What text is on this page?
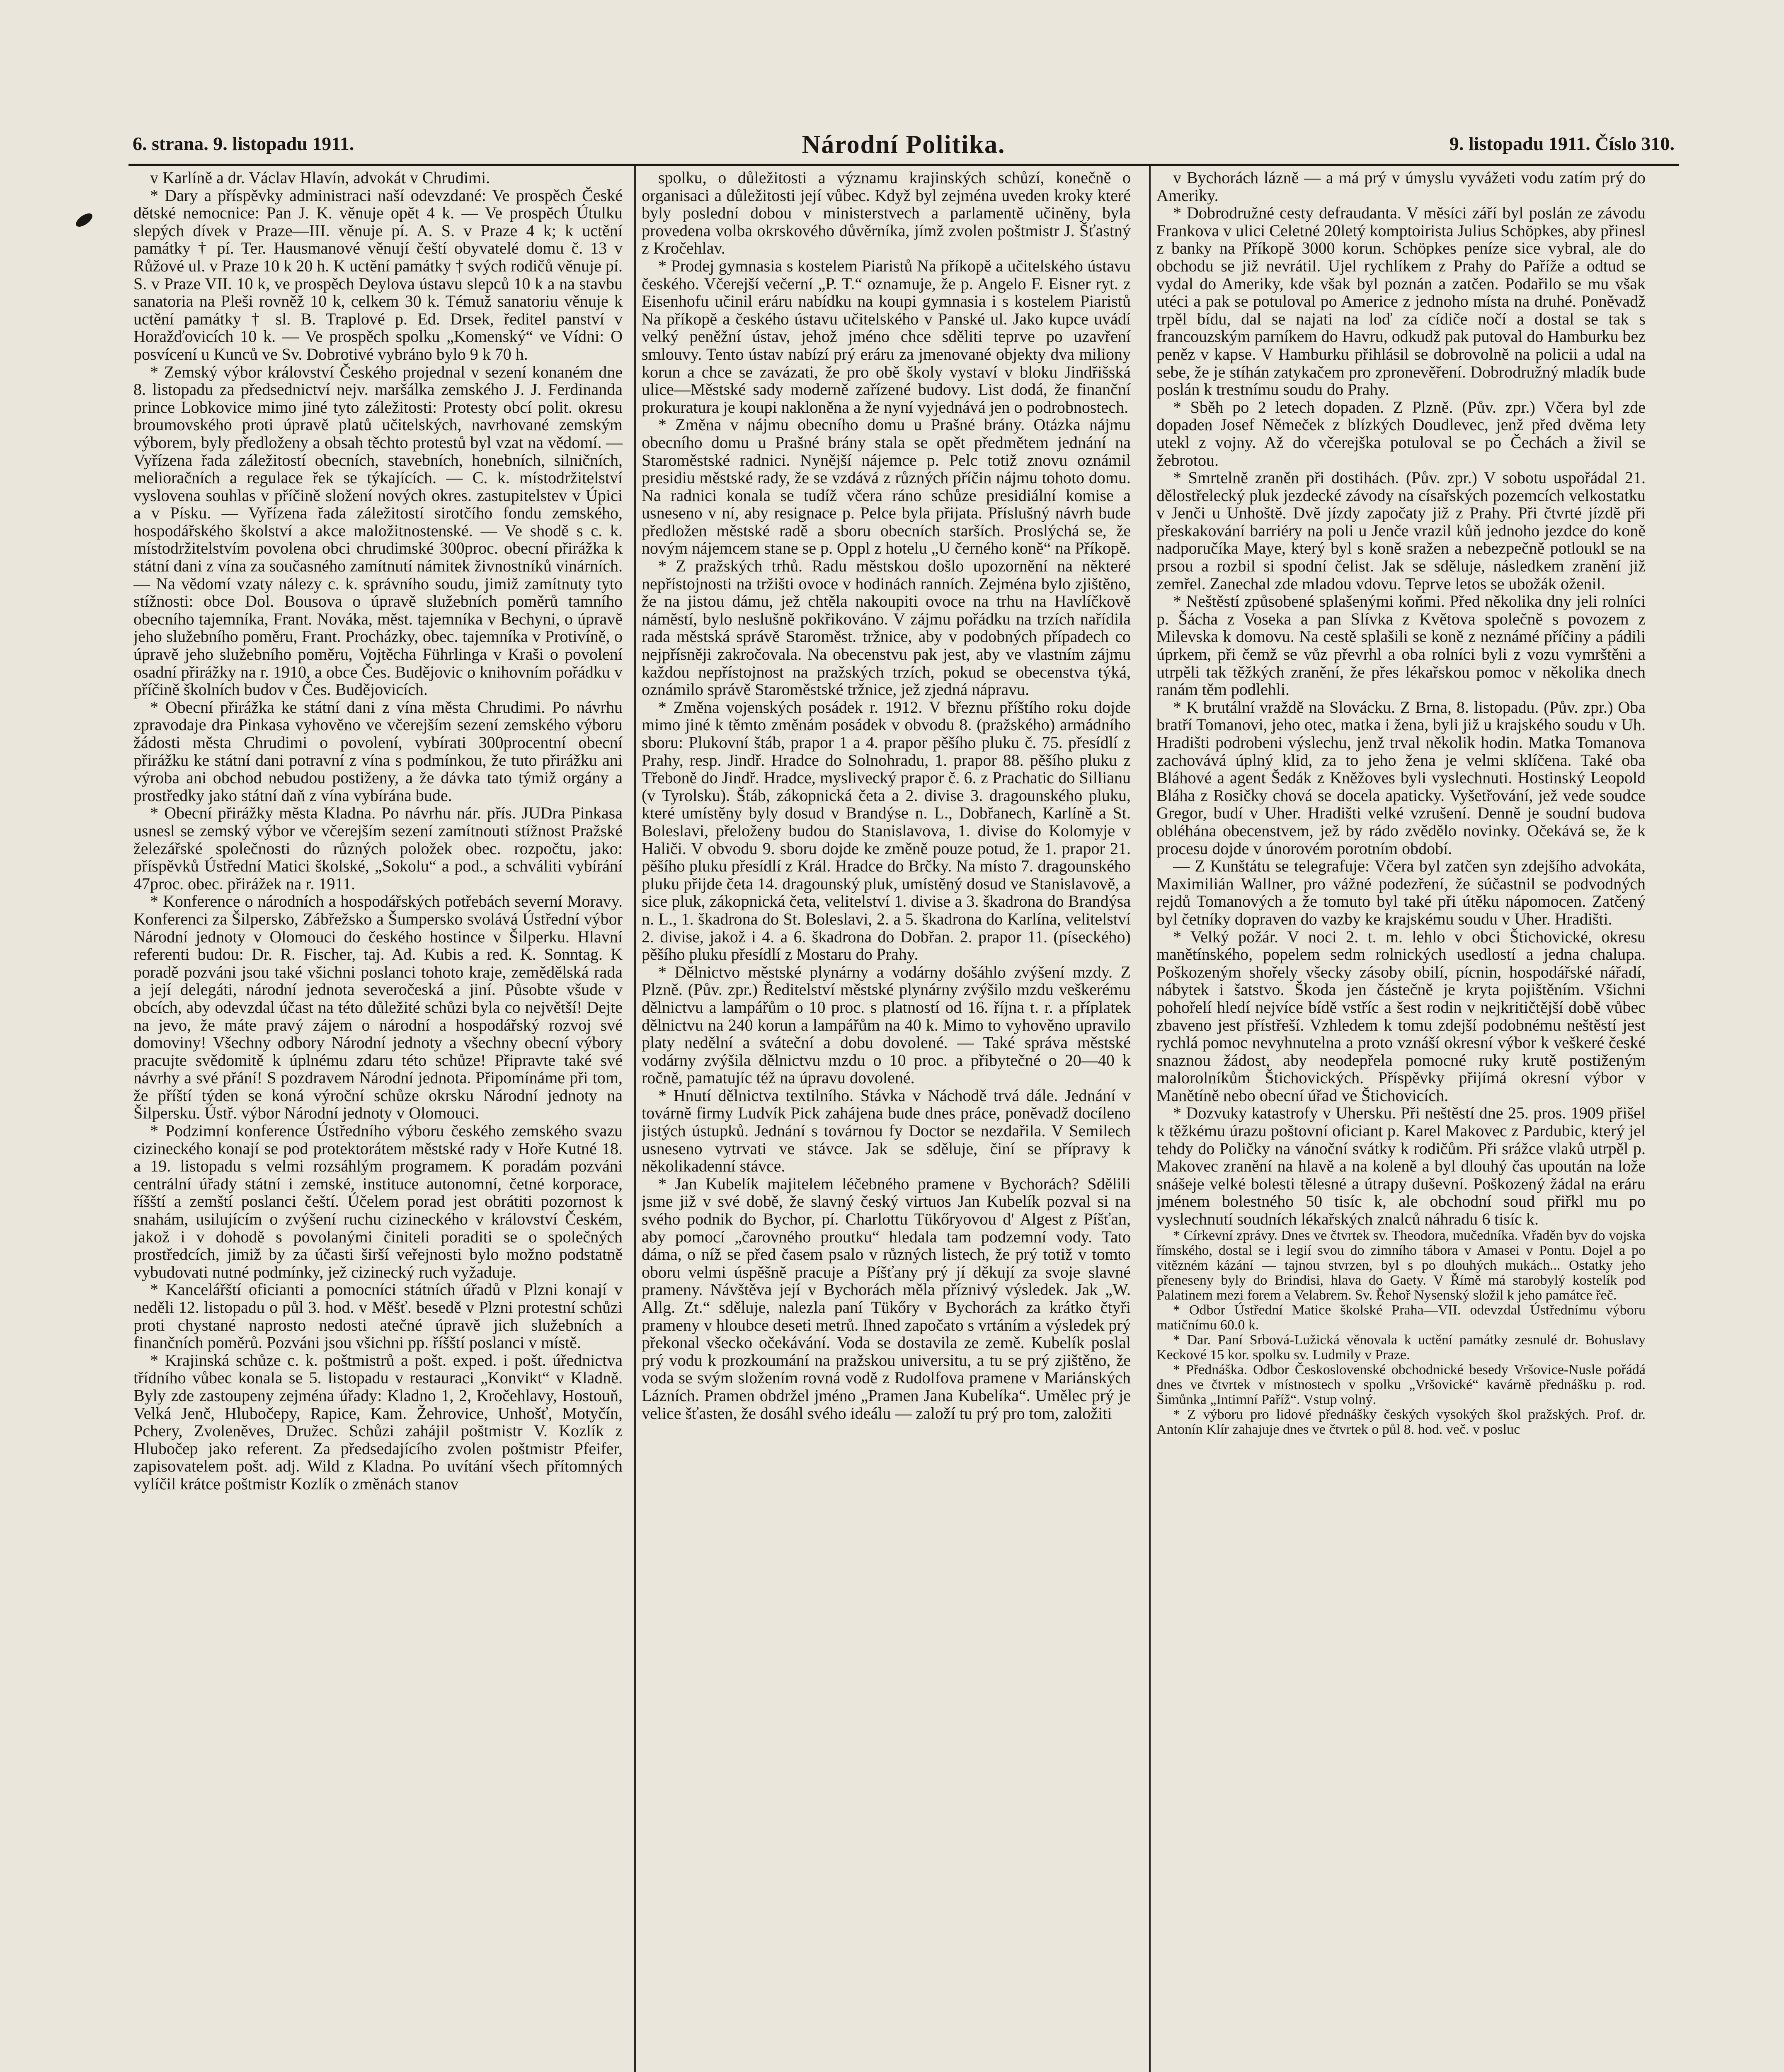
6. strana. 9. listopadu 1911.	Národní Politika.	9. listopadu 1911. Číslo 310.

v Karlíně a dr. Václav Hlavín, advokát v Chrudimi.

* Dary a příspěvky administraci naší odevzdané: Ve prospěch České dětské nemocnice: Pan J. K. věnuje opět 4 k. — Ve prospěch Útulku slepých dívek v Praze—III. věnuje pí. A. S. v Praze 4 k; k uctění památky † pí. Ter. Hausmanové věnují čeští obyvatelé domu č. 13 v Růžové ul. v Praze 10 k 20 h. K uctění památky † svých rodičů věnuje pí. S. v Praze VII. 10 k, ve prospěch Deylova ústavu slepců 10 k a na stavbu sanatoria na Pleši rovněž 10 k, celkem 30 k. Témuž sanatoriu věnuje k uctění památky † sl. B. Traplové p. Ed. Drsek, ředitel panství v Horažďovicích 10 k. — Ve prospěch spolku „Komenský“ ve Vídni: O posvícení u Kunců ve Sv. Dobrotivé vybráno bylo 9 k 70 h.

* Zemský výbor království Českého projednal v sezení konaném dne 8. listopadu za předsednictví nejv. maršálka zemského J. J. Ferdinanda prince Lobkovice mimo jiné tyto záležitosti: Protesty obcí polit. okresu broumovského proti úpravě platů učitelských, navrhované zemským výborem, byly předloženy a obsah těchto protestů byl vzat na vědomí. — Vyřízena řada záležitostí obecních, stavebních, honebních, silničních, melioračních a regulace řek se týkajících. — C. k. místodržitelství vyslovena souhlas v příčině složení nových okres. zastupitelstev v Úpici a v Písku. — Vyřízena řada záležitostí sirotčího fondu zemského, hospodářského školství a akce maložitnostenské. — Ve shodě s c. k. místodržitelstvím povolena obci chrudimské 300proc. obecní přirážka k státní dani z vína za současného zamítnutí námitek živnostníků vinárních. — Na vědomí vzaty nálezy c. k. správního soudu, jimiž zamítnuty tyto stížnosti: obce Dol. Bousova o úpravě služebních poměrů tamního obecního tajemníka, Frant. Nováka, měst. tajemníka v Bechyni, o úpravě jeho služebního poměru, Frant. Procházky, obec. tajemníka v Protivíně, o úpravě jeho služebního poměru, Vojtěcha Führlinga v Kraši o povolení osadní přirážky na r. 1910, a obce Čes. Budějovic o knihovním pořádku v příčině školních budov v Čes. Budějovicích.

* Obecní přirážka ke státní dani z vína města Chrudimi. Po návrhu zpravodaje dra Pinkasa vyhověno ve včerejším sezení zemského výboru žádosti města Chrudimi o povolení, vybírati 300procentní obecní přirážku ke státní dani potravní z vína s podmínkou, že tuto přirážku ani výroba ani obchod nebudou postiženy, a že dávka tato týmiž orgány a prostředky jako státní daň z vína vybírána bude.

* Obecní přirážky města Kladna. Po návrhu nár. přís. JUDra Pinkasa usnesl se zemský výbor ve včerejším sezení zamítnouti stížnost Pražské železářské společnosti do různých položek obec. rozpočtu, jako: příspěvků Ústřední Matici školské, „Sokolu“ a pod., a schváliti vybírání 47proc. obec. přirážek na r. 1911.

* Konference o národních a hospodářských potřebách severní Moravy. Konferenci za Šilpersko, Zábřežsko a Šumpersko svolává Ústřední výbor Národní jednoty v Olomouci do českého hostince v Šilperku. Hlavní referenti budou: Dr. R. Fischer, taj. Ad. Kubis a red. K. Sonntag. K poradě pozváni jsou také všichni poslanci tohoto kraje, zemědělská rada a její delegáti, národní jednota severočeská a jiní. Působte všude v obcích, aby odevzdal účast na této důležité schůzi byla co největší! Dejte na jevo, že máte pravý zájem o národní a hospodářský rozvoj své domoviny! Všechny odbory Národní jednoty a všechny obecní výbory pracujte svědomitě k úplnému zdaru této schůze! Připravte také své návrhy a své přání! S pozdravem Národní jednota. Připomínáme při tom, že příští týden se koná výroční schůze okrsku Národní jednoty na Šilpersku. Ústř. výbor Národní jednoty v Olomouci.

* Podzimní konference Ústředního výboru českého zemského svazu cizineckého konají se pod protektorátem městské rady v Hoře Kutné 18. a 19. listopadu s velmi rozsáhlým programem. K poradám pozváni centrální úřady státní i zemské, instituce autonomní, četné korporace, říšští a zemští poslanci čeští. Účelem porad jest obrátiti pozornost k snahám, usilujícím o zvýšení ruchu cizineckého v království Českém, jakož i v dohodě s povolanými činiteli poraditi se o společných prostředcích, jimiž by za účasti širší veřejnosti bylo možno podstatně vybudovati nutné podmínky, jež cizinecký ruch vyžaduje.

* Kancelářští oficianti a pomocníci státních úřadů v Plzni konají v neděli 12. listopadu o půl 3. hod. v Měšť. besedě v Plzni protestní schůzi proti chystané naprosto nedosti atečné úpravě jich služebních a finančních poměrů. Pozváni jsou všichni pp. říšští poslanci v místě.

* Krajinská schůze c. k. poštmistrů a pošt. exped. i pošt. úřednictva třídního vůbec konala se 5. listopadu v restauraci „Konvikt“ v Kladně. Byly zde zastoupeny zejména úřady: Kladno 1, 2, Kročehlavy, Hostouň, Velká Jenč, Hlubočepy, Rapice, Kam. Žehrovice, Unhošť, Motyčín, Pchery, Zvoleněves, Družec. Schůzi zahájil poštmistr V. Kozlík z Hlubočep jako referent. Za předsedajícího zvolen poštmistr Pfeifer, zapisovatelem pošt. adj. Wild z Kladna. Po uvítání všech přítomných vylíčil krátce poštmistr Kozlík o změnách stanov

spolku, o důležitosti a významu krajinských schůzí, konečně o organisaci a důležitosti její vůbec. Když byl zejména uveden kroky které byly poslední dobou v ministerstvech a parlamentě učiněny, byla provedena volba okrskového důvěrníka, jímž zvolen poštmistr J. Šťastný z Kročehlav.

* Prodej gymnasia s kostelem Piaristů Na příkopě a učitelského ústavu českého. Včerejší večerní „P. T.“ oznamuje, že p. Angelo F. Eisner ryt. z Eisenhofu učinil eráru nabídku na koupi gymnasia i s kostelem Piaristů Na příkopě a českého ústavu učitelského v Panské ul. Jako kupce uvádí velký peněžní ústav, jehož jméno chce sděliti teprve po uzavření smlouvy. Tento ústav nabízí prý eráru za jmenované objekty dva miliony korun a chce se zavázati, že pro obě školy vystaví v bloku Jindřišská ulice—Městské sady moderně zařízené budovy. List dodá, že finanční prokuratura je koupi nakloněna a že nyní vyjednává jen o podrobnostech.

* Změna v nájmu obecního domu u Prašné brány. Otázka nájmu obecního domu u Prašné brány stala se opět předmětem jednání na Staroměstské radnici. Nynější nájemce p. Pelc totiž znovu oznámil presidiu městské rady, že se vzdává z různých příčin nájmu tohoto domu. Na radnici konala se tudíž včera ráno schůze presidiální komise a usneseno v ní, aby resignace p. Pelce byla přijata. Příslušný návrh bude předložen městské radě a sboru obecních starších. Proslýchá se, že novým nájemcem stane se p. Oppl z hotelu „U černého koně“ na Příkopě.

* Z pražských trhů. Radu městskou došlo upozornění na některé nepřístojnosti na tržišti ovoce v hodinách ranních. Zejména bylo zjištěno, že na jistou dámu, jež chtěla nakoupiti ovoce na trhu na Havlíčkově náměstí, bylo neslušně pokřikováno. V zájmu pořádku na trzích nařídila rada městská správě Staroměst. tržnice, aby v podobných případech co nejpřísněji zakročovala. Na obecenstvu pak jest, aby ve vlastním zájmu každou nepřístojnost na pražských trzích, pokud se obecenstva týká, oznámilo správě Staroměstské tržnice, jež zjedná nápravu.

* Změna vojenských posádek r. 1912. V březnu příštího roku dojde mimo jiné k těmto změnám posádek v obvodu 8. (pražského) armádního sboru: Plukovní štáb, prapor 1 a 4. prapor pěšího pluku č. 75. přesídlí z Prahy, resp. Jindř. Hradce do Solnohradu, 1. prapor 88. pěšího pluku z Třeboně do Jindř. Hradce, myslivecký prapor č. 6. z Prachatic do Sillianu (v Tyrolsku). Štáb, zákopnická četa a 2. divise 3. dragounského pluku, které umístěny byly dosud v Brandýse n. L., Dobřanech, Karlíně a St. Boleslavi, přeloženy budou do Stanislavova, 1. divise do Kolomyje v Haliči. V obvodu 9. sboru dojde ke změně pouze potud, že 1. prapor 21. pěšího pluku přesídlí z Král. Hradce do Brčky. Na místo 7. dragounského pluku přijde četa 14. dragounský pluk, umístěný dosud ve Stanislavově, a sice pluk, zákopnická četa, velitelství 1. divise a 3. škadrona do Brandýsa n. L., 1. škadrona do St. Boleslavi, 2. a 5. škadrona do Karlína, velitelství 2. divise, jakož i 4. a 6. škadrona do Dobřan. 2. prapor 11. (píseckého) pěšího pluku přesídlí z Mostaru do Prahy.

* Dělnictvo městské plynárny a vodárny došáhlo zvýšení mzdy. Z Plzně. (Pův. zpr.) Ředitelství městské plynárny zvýšilo mzdu veškerému dělnictvu a lampářům o 10 proc. s platností od 16. října t. r. a příplatek dělnictvu na 240 korun a lampářům na 40 k. Mimo to vyhověno upravilo platy nedělní a sváteční a dobu dovolené. — Také správa městské vodárny zvýšila dělnictvu mzdu o 10 proc. a přibytečné o 20—40 k ročně, pamatujíc též na úpravu dovolené.

* Hnutí dělnictva textilního. Stávka v Náchodě trvá dále. Jednání v továrně firmy Ludvík Pick zahájena bude dnes práce, poněvadž docíleno jistých ústupků. Jednání s továrnou fy Doctor se nezdařila. V Semilech usneseno vytrvati ve stávce. Jak se sděluje, činí se přípravy k několikadenní stávce.

* Jan Kubelík majitelem léčebného pramene v Bychorách? Sdělili jsme již v své době, že slavný český virtuos Jan Kubelík pozval si na svého podnik do Bychor, pí. Charlottu Tükőryovou d' Algest z Píšťan, aby pomocí „čarovného proutku“ hledala tam podzemní vody. Tato dáma, o níž se před časem psalo v různých listech, že prý totiž v tomto oboru velmi úspěšně pracuje a Píšťany prý jí děkují za svoje slavné prameny. Návštěva její v Bychorách měla příznivý výsledek. Jak „W. Allg. Zt.“ sděluje, nalezla paní Tükőry v Bychorách za krátko čtyři prameny v hloubce deseti metrů. Ihned započato s vrtáním a výsledek prý překonal všecko očekávání. Voda se dostavila ze země. Kubelík poslal prý vodu k prozkoumání na pražskou universitu, a tu se prý zjištěno, že voda se svým složením rovná vodě z Rudolfova pramene v Mariánských Lázních. Pramen obdržel jméno „Pramen Jana Kubelíka“. Umělec prý je velice šťasten, že dosáhl svého ideálu — založí tu prý pro tom, založiti

v Bychorách lázně — a má prý v úmyslu vyvážeti vodu zatím prý do Ameriky.

* Dobrodružné cesty defraudanta. V měsíci září byl poslán ze závodu Frankova v ulici Celetné 20letý komptoirista Julius Schöpkes, aby přinesl z banky na Příkopě 3000 korun. Schöpkes peníze sice vybral, ale do obchodu se již nevrátil. Ujel rychlíkem z Prahy do Paříže a odtud se vydal do Ameriky, kde však byl poznán a zatčen. Podařilo se mu však utéci a pak se potuloval po Americe z jednoho místa na druhé. Poněvadž trpěl bídu, dal se najati na loď za cídiče nočí a dostal se tak s francouzským parníkem do Havru, odkudž pak putoval do Hamburku bez peněz v kapse. V Hamburku přihlásil se dobrovolně na policii a udal na sebe, že je stíhán zatykačem pro zpronevěření. Dobrodružný mladík bude poslán k trestnímu soudu do Prahy.

* Sběh po 2 letech dopaden. Z Plzně. (Pův. zpr.) Včera byl zde dopaden Josef Němeček z blízkých Doudlevec, jenž před dvěma lety utekl z vojny. Až do včerejška potuloval se po Čechách a živil se žebrotou.

* Smrtelně zraněn při dostihách. (Pův. zpr.) V sobotu uspořádal 21. dělostřelecký pluk jezdecké závody na císařských pozemcích velkostatku v Jenči u Unhoště. Dvě jízdy započaty již z Prahy. Při čtvrté jízdě při přeskakování barriéry na poli u Jenče vrazil kůň jednoho jezdce do koně nadporučíka Maye, který byl s koně sražen a nebezpečně potloukl se na prsou a rozbil si spodní čelist. Jak se sděluje, následkem zranění již zemřel. Zanechal zde mladou vdovu. Teprve letos se ubožák oženil.

* Neštěstí způsobené splašenými koňmi. Před několika dny jeli rolníci p. Šácha z Voseka a pan Slívka z Květova společně s povozem z Milevska k domovu. Na cestě splašili se koně z neznámé příčiny a pádili úprkem, při čemž se vůz převrhl a oba rolníci byli z vozu vymrštěni a utrpěli tak těžkých zranění, že přes lékařskou pomoc v několika dnech ranám těm podlehli.

* K brutální vraždě na Slovácku. Z Brna, 8. listopadu. (Pův. zpr.) Oba bratří Tomanovi, jeho otec, matka i žena, byli již u krajského soudu v Uh. Hradišti podrobeni výslechu, jenž trval několik hodin. Matka Tomanova zachovává úplný klid, za to jeho žena je velmi sklíčena. Také oba Bláhové a agent Šedák z Kněžoves byli vyslechnuti. Hostinský Leopold Bláha z Rosičky chová se docela apaticky. Vyšetřování, jež vede soudce Gregor, budí v Uher. Hradišti velké vzrušení. Denně je soudní budova obléhána obecenstvem, jež by rádo zvědělo novinky. Očekává se, že k procesu dojde v únorovém porotním období.

— Z Kunštátu se telegrafuje: Včera byl zatčen syn zdejšího advokáta, Maximilián Wallner, pro vážné podezření, že súčastnil se podvodných rejdů Tomanových a že tomuto byl také při útěku nápomocen. Zatčený byl četníky dopraven do vazby ke krajskému soudu v Uher. Hradišti.

* Velký požár. V noci 2. t. m. lehlo v obci Štichovické, okresu manětínského, popelem sedm rolnických usedlostí a jedna chalupa. Poškozeným shořely všecky zásoby obilí, pícnin, hospodářské nářadí, nábytek i šatstvo. Škoda jen částečně je kryta pojištěním. Všichni pohořelí hledí nejvíce bídě vstříc a šest rodin v nejkritičtější době vůbec zbaveno jest přístřeší. Vzhledem k tomu zdejší podobnému neštěstí jest rychlá pomoc nevyhnutelna a proto vznáší okresní výbor k veškeré české snaznou žádost, aby neodepřela pomocné ruky krutě postiženým malorolníkům Štichovických. Příspěvky přijímá okresní výbor v Manětíně nebo obecní úřad ve Štichovicích.

* Dozvuky katastrofy v Uhersku. Při neštěstí dne 25. pros. 1909 přišel k těžkému úrazu poštovní oficiant p. Karel Makovec z Pardubic, který jel tehdy do Poličky na vánoční svátky k rodičům. Při srážce vlaků utrpěl p. Makovec zranění na hlavě a na koleně a byl dlouhý čas upoután na lože snášeje velké bolesti tělesné a útrapy duševní. Poškozený žádal na eráru jménem bolestného 50 tisíc k, ale obchodní soud přiřkl mu po vyslechnutí soudních lékařských znalců náhradu 6 tisíc k.

* Církevní zprávy. Dnes ve čtvrtek sv. Theodora, mučedníka. Vřaděn byv do vojska římského, dostal se i legií svou do zimního tábora v Amasei v Pontu. Dojel a po vitězném kázání — tajnou stvrzen, byl s po dlouhých mukách... Ostatky jeho přeneseny byly do Brindisi, hlava do Gaety. V Římě má starobylý kostelík pod Palatinem mezi forem a Velabrem. Sv. Řehoř Nysenský složil k jeho památce řeč.

* Odbor Ústřední Matice školské Praha—VII. odevzdal Ústřednímu výboru matičnímu 60.0 k.

* Dar. Paní Srbová-Lužická věnovala k uctění památky zesnulé dr. Bohuslavy Keckové 15 kor. spolku sv. Ludmily v Praze.

* Přednáška. Odbor Československé obchodnické besedy Vršovice-Nusle pořádá dnes ve čtvrtek v místnostech v spolku „Vršovické“ kavárně přednášku p. rod. Šimůnka „Intimní Paříž“. Vstup volný.

* Z výboru pro lidové přednášky českých vysokých škol pražských. Prof. dr. Antonín Klír zahajuje dnes ve čtvrtek o půl 8. hod. več. v posluc
